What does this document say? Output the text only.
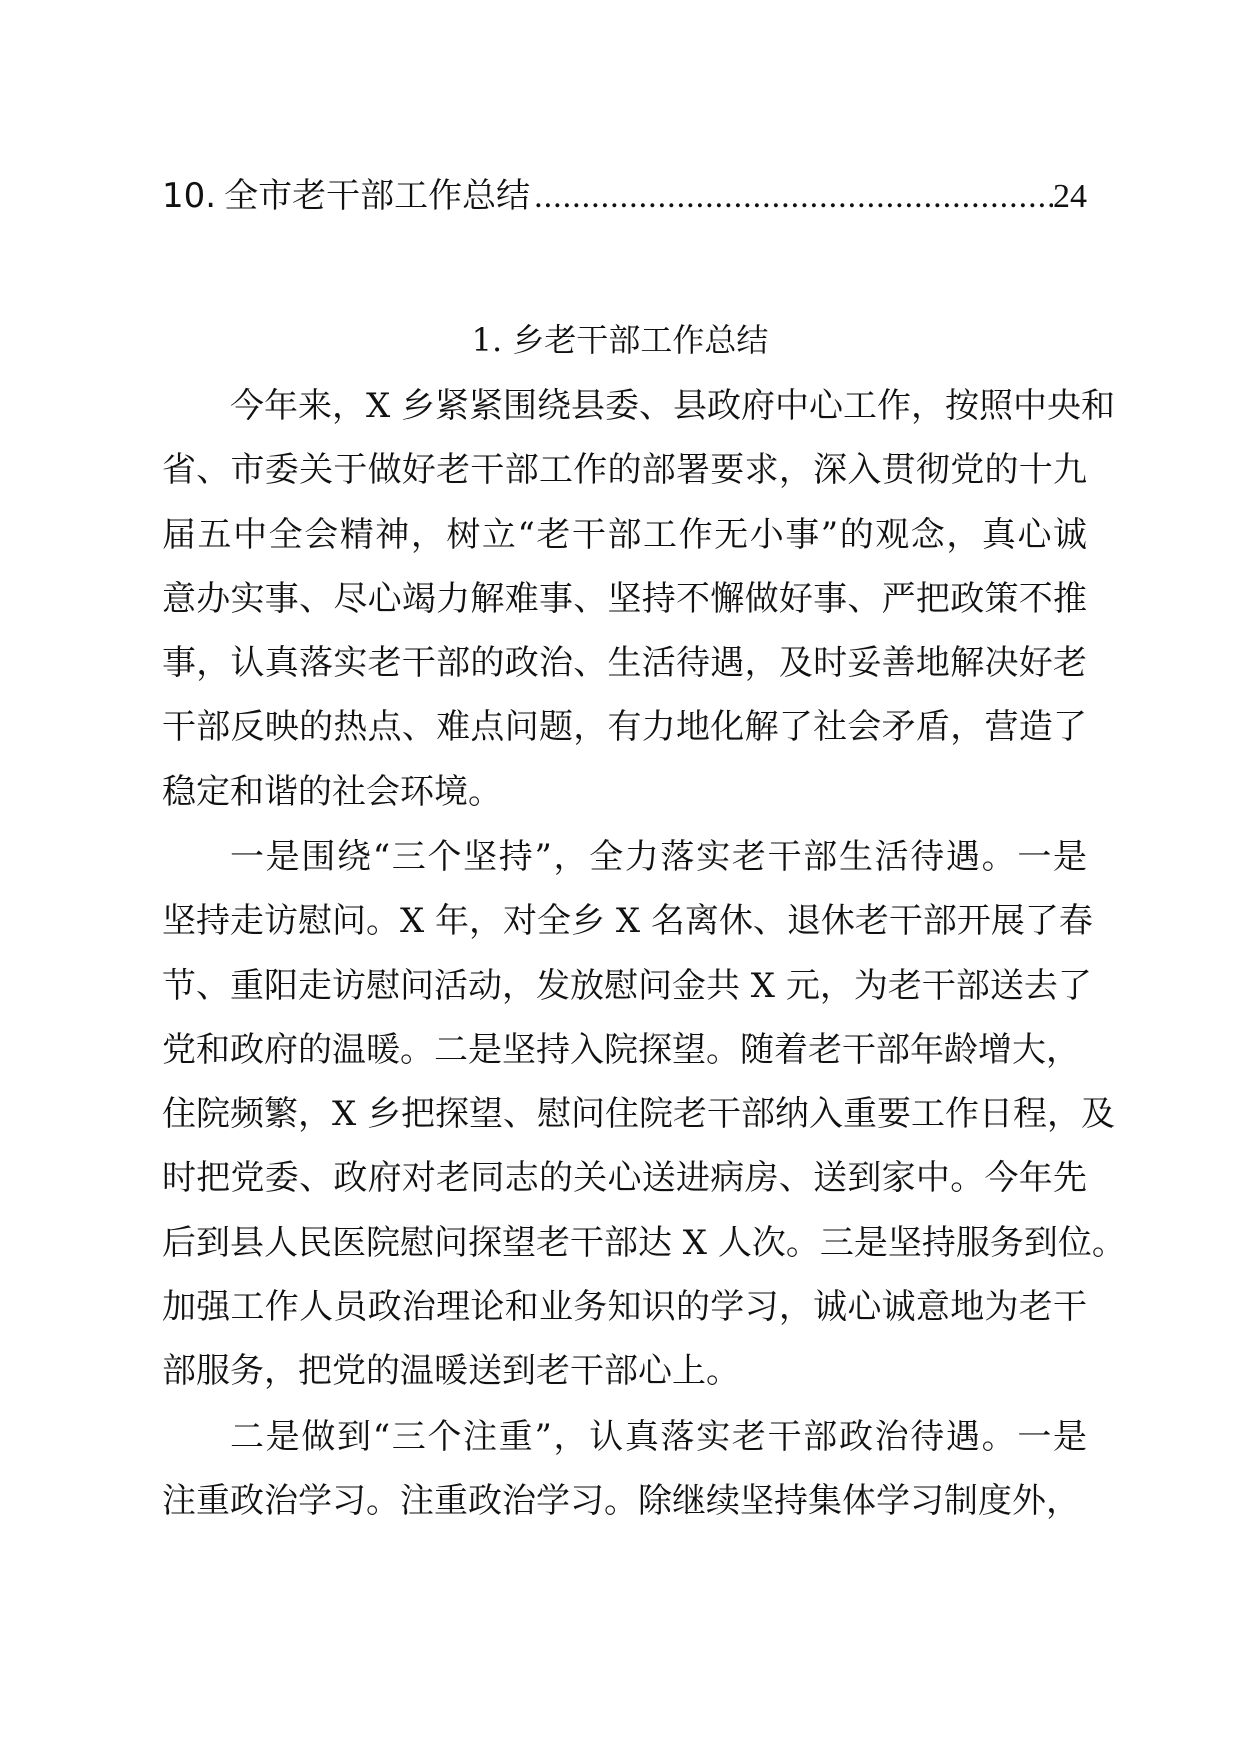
10. 全市老干部工作总结
.....	24
1. 乡老干部工作总结
今年来，X 乡紧紧围绕县委、县政府中心工作，按照中央和
省、市委关于做好老干部工作的部署要求，深入贯彻党的十九
届五中全会精神，树立“老干部工作无小事”的观念，真心诚
意办实事、尽心竭力解难事、坚持不懈做好事、严把政策不推
事，认真落实老干部的政治、生活待遇，及时妥善地解决好老
干部反映的热点、难点问题，有力地化解了社会矛盾，营造了
稳定和谐的社会环境。
一是围绕“三个坚持”，全力落实老干部生活待遇。一是
坚持走访慰问。X 年，对全乡 X 名离休、退休老干部开展了春
节、重阳走访慰问活动，发放慰问金共 X 元，为老干部送去了
党和政府的温暖。二是坚持入院探望。随着老干部年龄增大，
住院频繁，X 乡把探望、慰问住院老干部纳入重要工作日程，及
时把党委、政府对老同志的关心送进病房、送到家中。今年先
后到县人民医院慰问探望老干部达 X 人次。三是坚持服务到位。
加强工作人员政治理论和业务知识的学习，诚心诚意地为老干
部服务，把党的温暖送到老干部心上。
二是做到“三个注重”，认真落实老干部政治待遇。一是
注重政治学习。注重政治学习。除继续坚持集体学习制度外，
